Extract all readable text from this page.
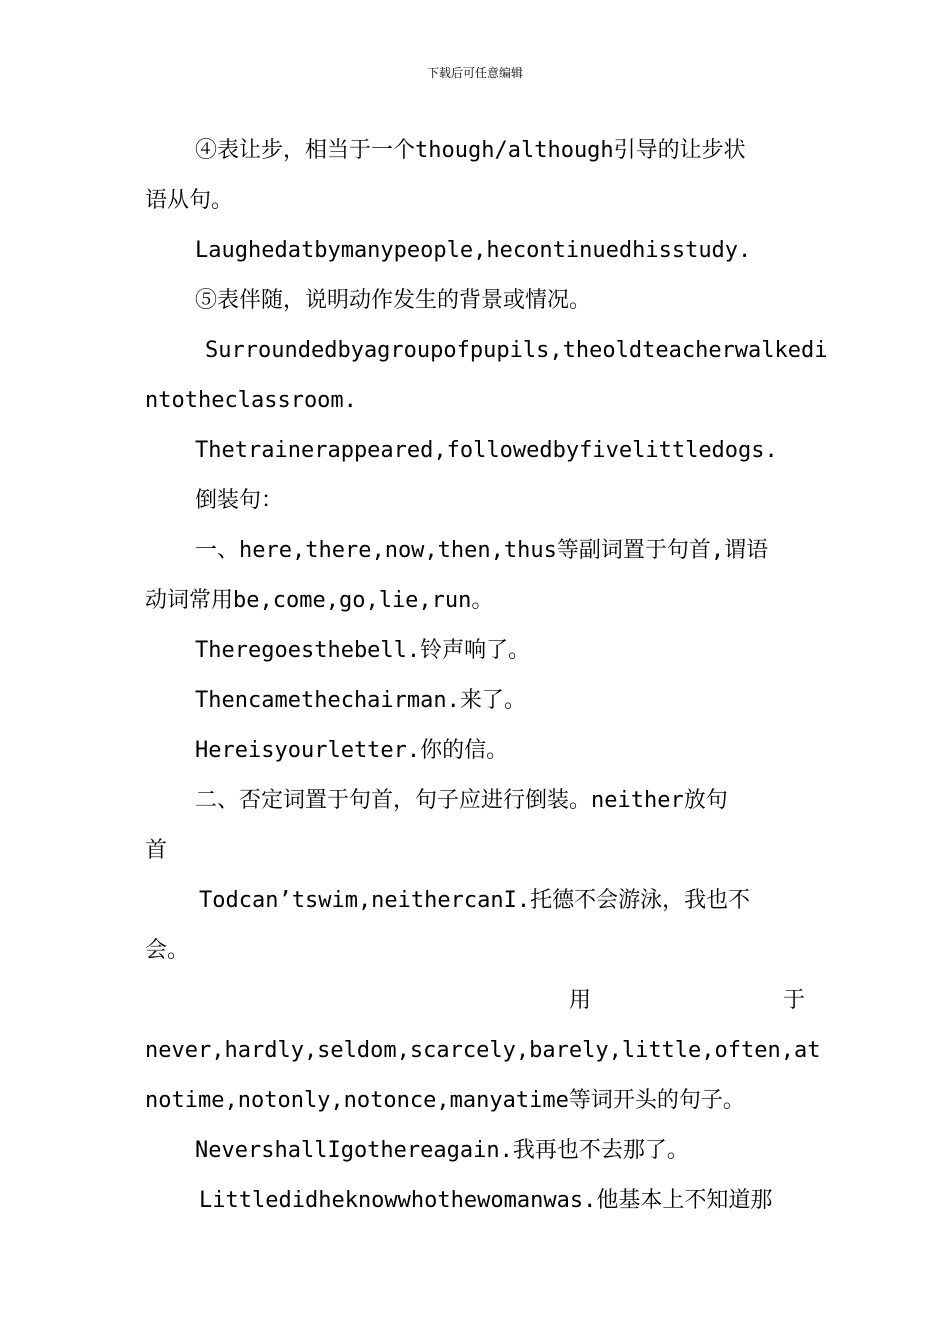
下载后可任意编辑
④表让步，相当于一个though/although引导的让步状
语从句。
Laughedatbymanypeople,hecontinuedhisstudy.
⑤表伴随，说明动作发生的背景或情况。
Surroundedbyagroupofpupils,theoldteacherwalkedi
ntotheclassroom.
Thetrainerappeared,followedbyfivelittledogs.
倒装句：
一、here,there,now,then,thus等副词置于句首,谓语
动词常用be,come,go,lie,run。
Theregoesthebell.铃声响了。
Thencamethechairman.来了。
Hereisyourletter.你的信。
二、否定词置于句首，句子应进行倒装。neither放句
首
Todcan’tswim,neithercanI.托德不会游泳，我也不
会。
用	于
never,hardly,seldom,scarcely,barely,little,often,at
notime,notonly,notonce,manyatime等词开头的句子。
NevershallIgothereagain.我再也不去那了。
Littledidheknowwhothewomanwas.他基本上不知道那
